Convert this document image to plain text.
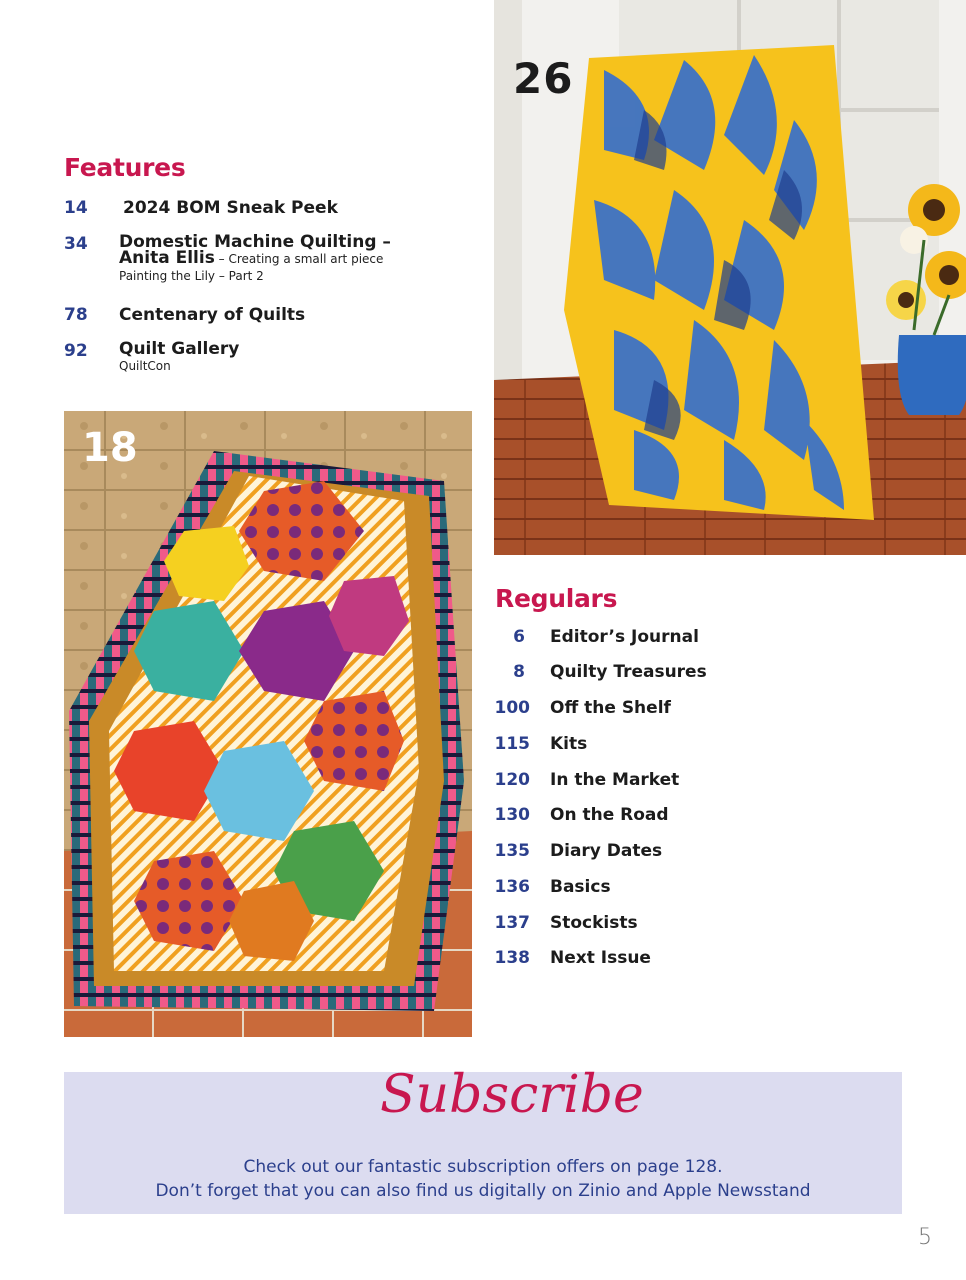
Features
14 2024 BOM Sneak Peek
34 Domestic Machine Quilting –
Anita Ellis – Creating a small art piece
Painting the Lily – Part 2
78 Centenary of Quilts
92 Quilt Gallery
QuiltCon
26
18
Regulars
6 Editor’s Journal
8 Quilty Treasures
100 Off the Shelf
115 Kits
120 In the Market
130 On the Road
135 Diary Dates
136 Basics
137 Stockists
138 Next Issue
Subscribe
Check out our fantastic subscription offers on page 128.
Don’t forget that you can also find us digitally on Zinio and Apple Newsstand
5
